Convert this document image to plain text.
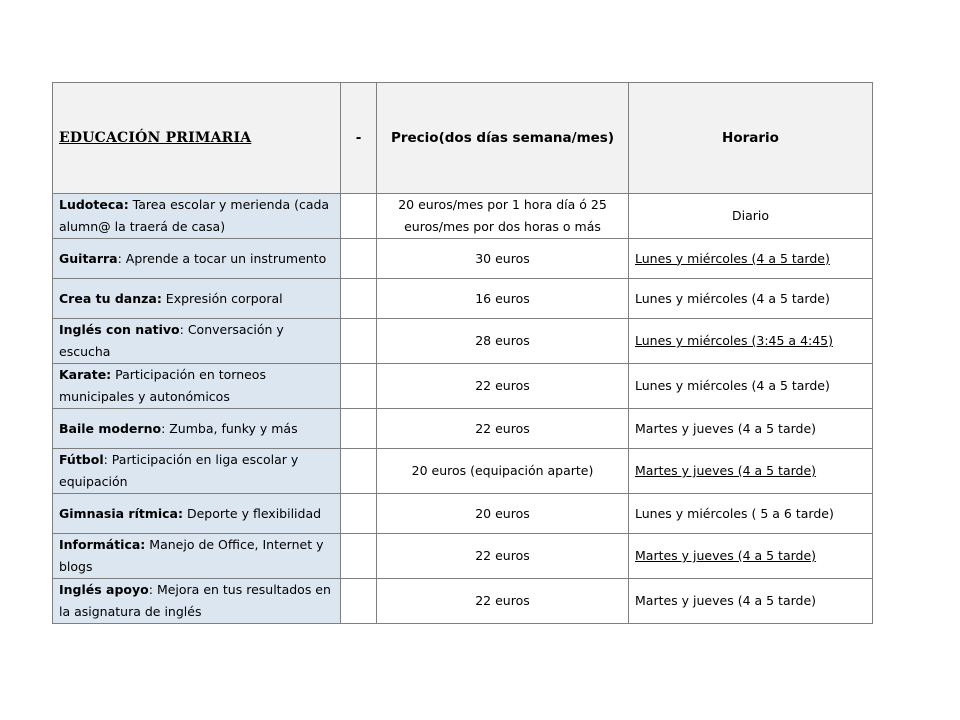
EDUCACIÓN PRIMARIA	-	Precio(dos días semana/mes)	Horario
Ludoteca: Tarea escolar y merienda (cada alumn@ la traerá de casa)		20 euros/mes por 1 hora día ó 25 euros/mes por dos horas o más	Diario
Guitarra: Aprende a tocar un instrumento		30 euros	Lunes y miércoles (4 a 5 tarde)
Crea tu danza: Expresión corporal		16 euros	Lunes y miércoles (4 a 5 tarde)
Inglés con nativo: Conversación y escucha		28 euros	Lunes y miércoles (3:45 a 4:45)
Karate: Participación en torneos municipales y autonómicos		22 euros	Lunes y miércoles (4 a 5 tarde)
Baile moderno: Zumba, funky y más		22 euros	Martes y jueves (4 a 5 tarde)
Fútbol: Participación en liga escolar y equipación		20 euros (equipación aparte)	Martes y jueves (4 a 5 tarde)
Gimnasia rítmica: Deporte y flexibilidad		20 euros	Lunes y miércoles ( 5 a 6 tarde)
Informática: Manejo de Office, Internet y blogs		22 euros	Martes y jueves (4 a 5 tarde)
Inglés apoyo: Mejora en tus resultados en la asignatura de inglés		22 euros	Martes y jueves (4 a 5 tarde)
